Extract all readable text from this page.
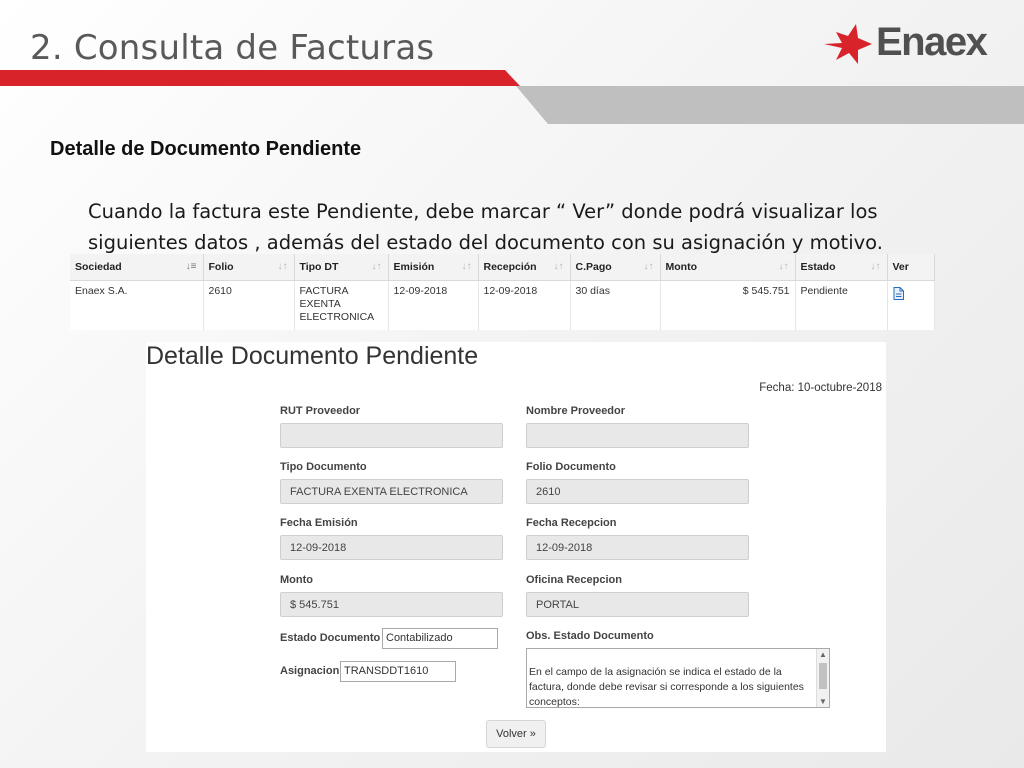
2. Consulta de Facturas	Enaex
Detalle de Documento Pendiente

Cuando la factura este Pendiente, debe marcar “ Ver” donde podrá visualizar los siguientes datos , además del estado del documento con su asignación y motivo.

Sociedad ↓≡	Folio ↓↑	Tipo DT ↓↑	Emisión ↓↑	Recepción ↓↑	C.Pago ↓↑	Monto ↓↑	Estado ↓↑	Ver
Enaex S.A.	2610	FACTURA EXENTA ELECTRONICA	12-09-2018	12-09-2018	30 días	$ 545.751	Pendiente	
Detalle Documento Pendiente
Fecha: 10-octubre-2018
RUT Proveedor	Nombre Proveedor
Tipo Documento
FACTURA EXENTA ELECTRONICA
Folio Documento
2610
Fecha Emisión
12-09-2018
Fecha Recepcion
12-09-2018
Monto
$ 545.751
Oficina Recepcion
PORTAL
Estado Documento Contabilizado
Asignacion TRANSDDT1610
Obs. Estado Documento
En el campo de la asignación se indica el estado de la
factura, donde debe revisar si corresponde a los siguientes
conceptos:
▲
▼
Volver »
